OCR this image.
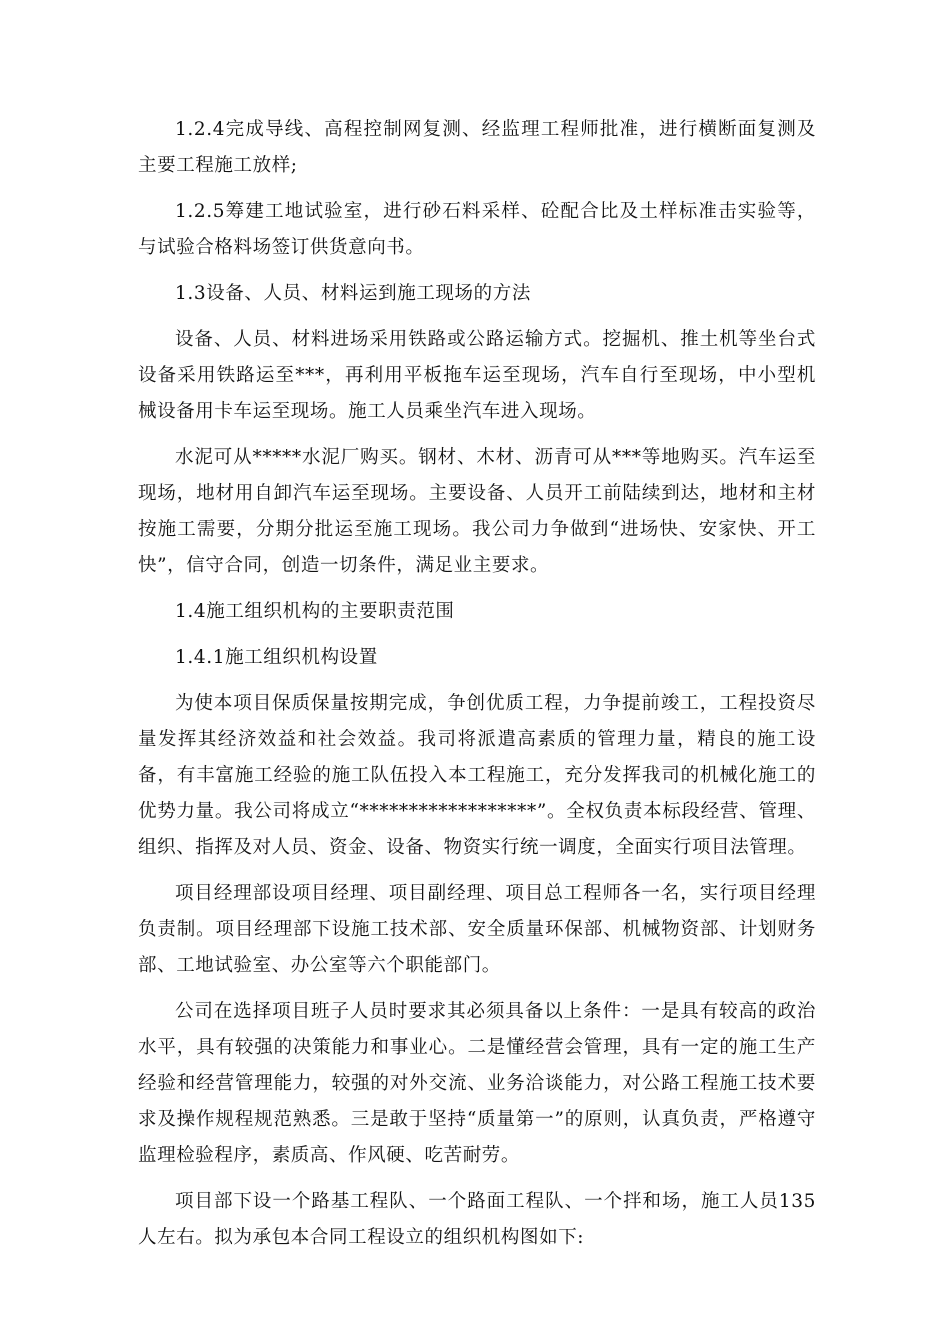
1.2.4完成导线、高程控制网复测、经监理工程师批准，进行横断面复测及主要工程施工放样;

1.2.5筹建工地试验室，进行砂石料采样、砼配合比及土样标准击实验等，与试验合格料场签订供货意向书。

1.3设备、人员、材料运到施工现场的方法

设备、人员、材料进场采用铁路或公路运输方式。挖掘机、推土机等坐台式设备采用铁路运至***，再利用平板拖车运至现场，汽车自行至现场，中小型机械设备用卡车运至现场。施工人员乘坐汽车进入现场。

水泥可从*****水泥厂购买。钢材、木材、沥青可从***等地购买。汽车运至现场，地材用自卸汽车运至现场。主要设备、人员开工前陆续到达，地材和主材按施工需要，分期分批运至施工现场。我公司力争做到“进场快、安家快、开工快”，信守合同，创造一切条件，满足业主要求。

1.4施工组织机构的主要职责范围

1.4.1施工组织机构设置

为使本项目保质保量按期完成，争创优质工程，力争提前竣工，工程投资尽量发挥其经济效益和社会效益。我司将派遣高素质的管理力量，精良的施工设备，有丰富施工经验的施工队伍投入本工程施工，充分发挥我司的机械化施工的优势力量。我公司将成立“******************”。全权负责本标段经营、管理、组织、指挥及对人员、资金、设备、物资实行统一调度，全面实行项目法管理。

项目经理部设项目经理、项目副经理、项目总工程师各一名，实行项目经理负责制。项目经理部下设施工技术部、安全质量环保部、机械物资部、计划财务部、工地试验室、办公室等六个职能部门。

公司在选择项目班子人员时要求其必须具备以上条件：一是具有较高的政治水平，具有较强的决策能力和事业心。二是懂经营会管理，具有一定的施工生产经验和经营管理能力，较强的对外交流、业务洽谈能力，对公路工程施工技术要求及操作规程规范熟悉。三是敢于坚持“质量第一”的原则，认真负责，严格遵守监理检验程序，素质高、作风硬、吃苦耐劳。

项目部下设一个路基工程队、一个路面工程队、一个拌和场，施工人员135人左右。拟为承包本合同工程设立的组织机构图如下:
